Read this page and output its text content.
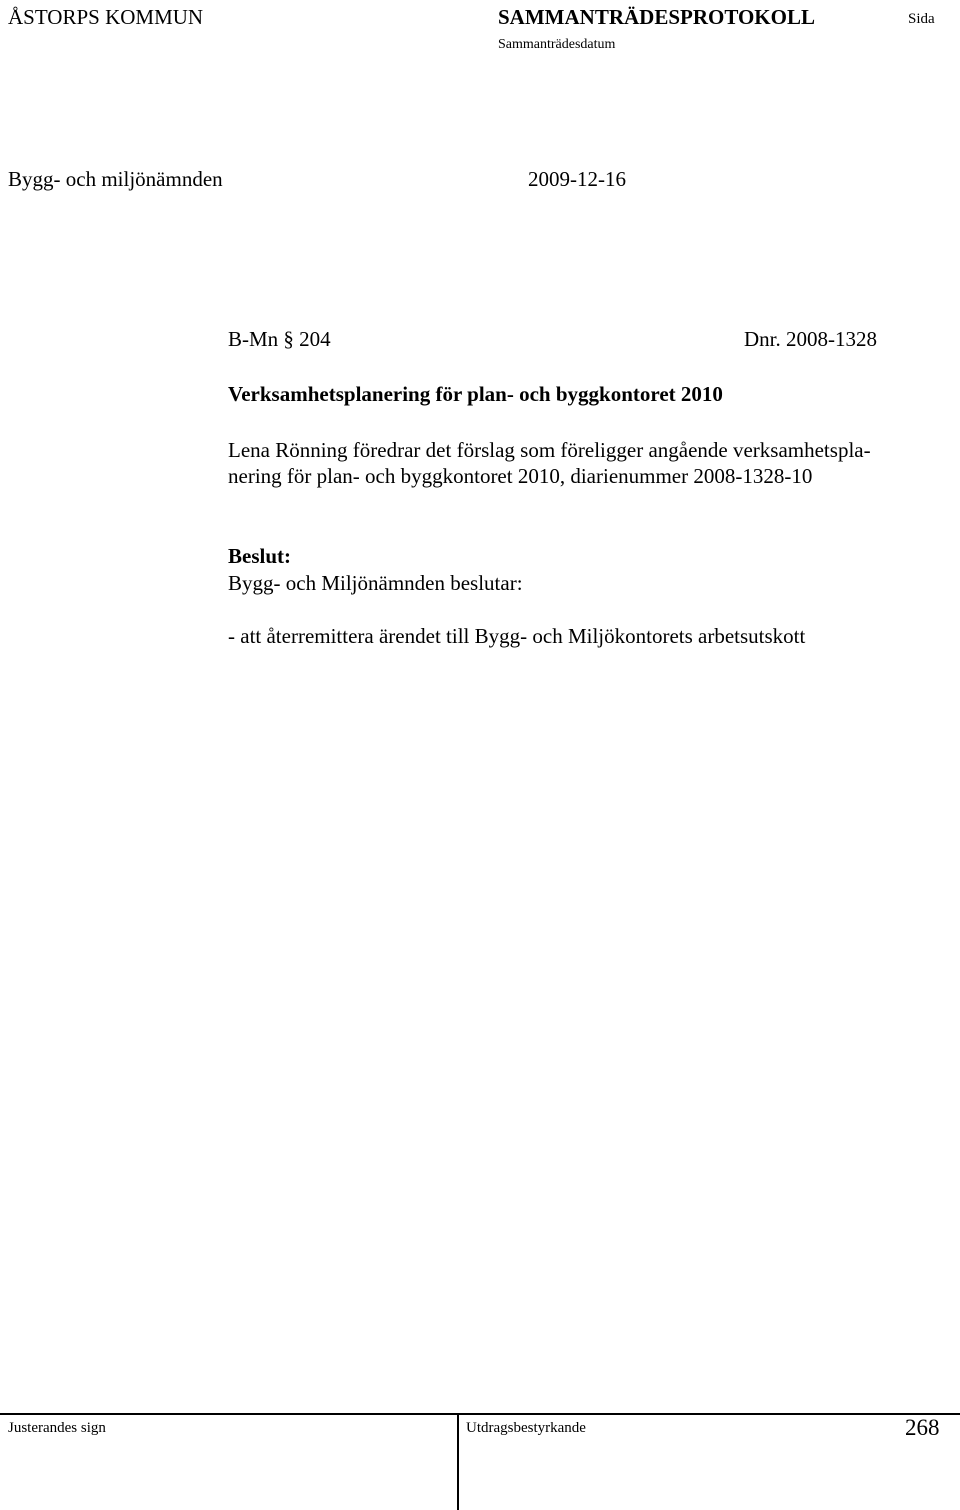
ÅSTORPS KOMMUN	SAMMANTRÄDESPROTOKOLL	Sida
Sammanträdesdatum
Bygg- och miljönämnden	2009-12-16
B-Mn § 204	Dnr. 2008-1328
Verksamhetsplanering för plan- och byggkontoret 2010
Lena Rönning föredrar det förslag som föreligger angående verksamhetspla-
nering för plan- och byggkontoret 2010, diarienummer 2008-1328-10
Beslut:
Bygg- och Miljönämnden beslutar:
- att återremittera ärendet till Bygg- och Miljökontorets arbetsutskott
Justerandes sign	Utdragsbestyrkande	268
